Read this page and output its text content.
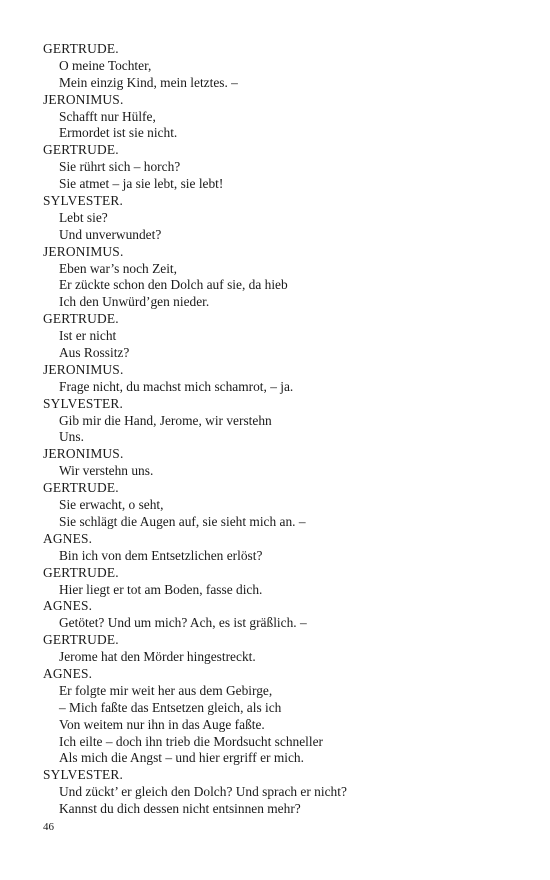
GERTRUDE.
O meine Tochter,
Mein einzig Kind, mein letztes. –
JERONIMUS.
Schafft nur Hülfe,
Ermordet ist sie nicht.
GERTRUDE.
Sie rührt sich – horch?
Sie atmet – ja sie lebt, sie lebt!
SYLVESTER.
Lebt sie?
Und unverwundet?
JERONIMUS.
Eben war’s noch Zeit,
Er zückte schon den Dolch auf sie, da hieb
Ich den Unwürd’gen nieder.
GERTRUDE.
Ist er nicht
Aus Rossitz?
JERONIMUS.
Frage nicht, du machst mich schamrot, – ja.
SYLVESTER.
Gib mir die Hand, Jerome, wir verstehn
Uns.
JERONIMUS.
Wir verstehn uns.
GERTRUDE.
Sie erwacht, o seht,
Sie schlägt die Augen auf, sie sieht mich an. –
AGNES.
Bin ich von dem Entsetzlichen erlöst?
GERTRUDE.
Hier liegt er tot am Boden, fasse dich.
AGNES.
Getötet? Und um mich? Ach, es ist gräßlich. –
GERTRUDE.
Jerome hat den Mörder hingestreckt.
AGNES.
Er folgte mir weit her aus dem Gebirge,
– Mich faßte das Entsetzen gleich, als ich
Von weitem nur ihn in das Auge faßte.
Ich eilte – doch ihn trieb die Mordsucht schneller
Als mich die Angst – und hier ergriff er mich.
SYLVESTER.
Und zückt’ er gleich den Dolch? Und sprach er nicht?
Kannst du dich dessen nicht entsinnen mehr?
46
